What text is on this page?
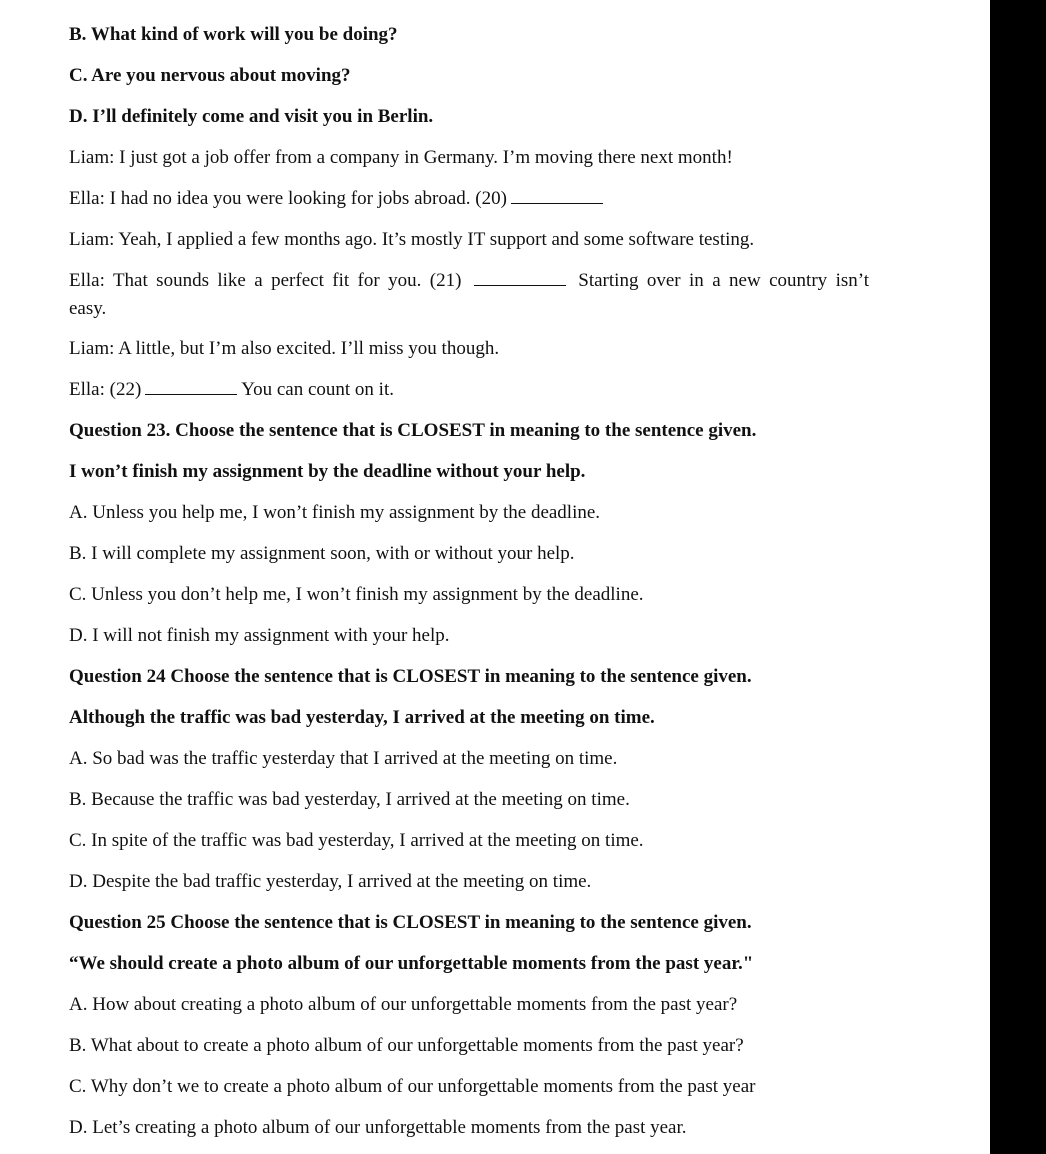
B. What kind of work will you be doing?
C. Are you nervous about moving?
D. I’ll definitely come and visit you in Berlin.
Liam: I just got a job offer from a company in Germany. I’m moving there next month!
Ella: I had no idea you were looking for jobs abroad. (20)
Liam: Yeah, I applied a few months ago. It’s mostly IT support and some software testing.
Ella: That sounds like a perfect fit for you. (21)	Starting over in a new country isn’t
easy.
Liam: A little, but I’m also excited. I’ll miss you though.
Ella: (22)	You can count on it.
Question 23. Choose the sentence that is CLOSEST in meaning to the sentence given.
I won’t finish my assignment by the deadline without your help.
A. Unless you help me, I won’t finish my assignment by the deadline.
B. I will complete my assignment soon, with or without your help.
C. Unless you don’t help me, I won’t finish my assignment by the deadline.
D. I will not finish my assignment with your help.
Question 24 Choose the sentence that is CLOSEST in meaning to the sentence given.
Although the traffic was bad yesterday, I arrived at the meeting on time.
A. So bad was the traffic yesterday that I arrived at the meeting on time.
B. Because the traffic was bad yesterday, I arrived at the meeting on time.
C. In spite of the traffic was bad yesterday, I arrived at the meeting on time.
D. Despite the bad traffic yesterday, I arrived at the meeting on time.
Question 25 Choose the sentence that is CLOSEST in meaning to the sentence given.
“We should create a photo album of our unforgettable moments from the past year."
A. How about creating a photo album of our unforgettable moments from the past year?
B. What about to create a photo album of our unforgettable moments from the past year?
C. Why don’t we to create a photo album of our unforgettable moments from the past year
D. Let’s creating a photo album of our unforgettable moments from the past year.
